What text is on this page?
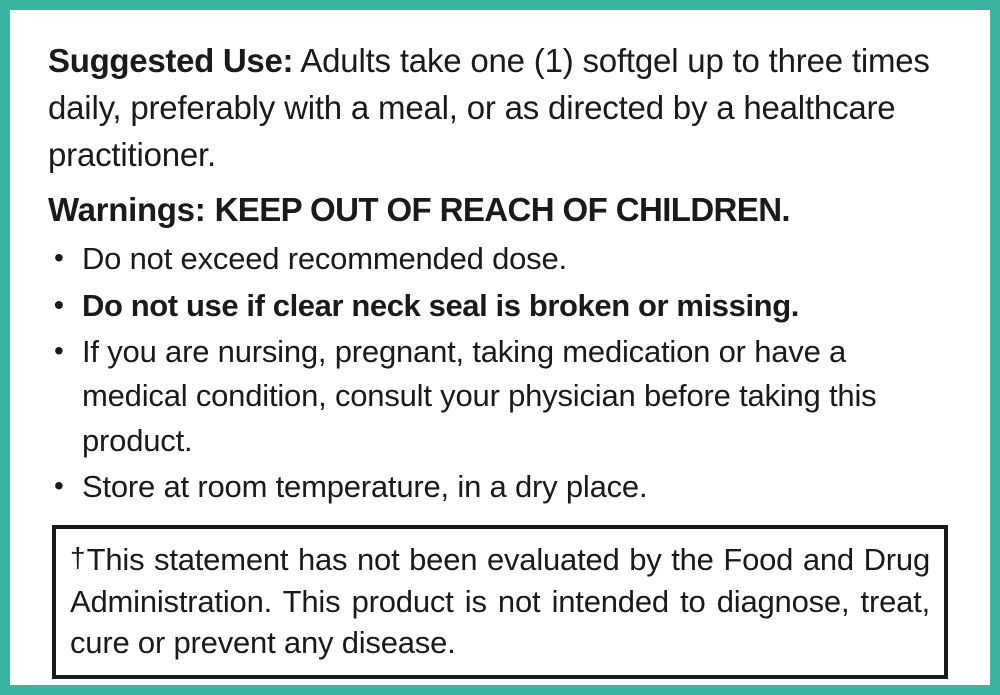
Suggested Use: Adults take one (1) softgel up to three times daily, preferably with a meal, or as directed by a healthcare practitioner.

Warnings: KEEP OUT OF REACH OF CHILDREN.

• Do not exceed recommended dose.
• Do not use if clear neck seal is broken or missing.
• If you are nursing, pregnant, taking medication or have a medical condition, consult your physician before taking this product.
• Store at room temperature, in a dry place.

†This statement has not been evaluated by the Food and Drug Administration. This product is not intended to diagnose, treat, cure or prevent any disease.
